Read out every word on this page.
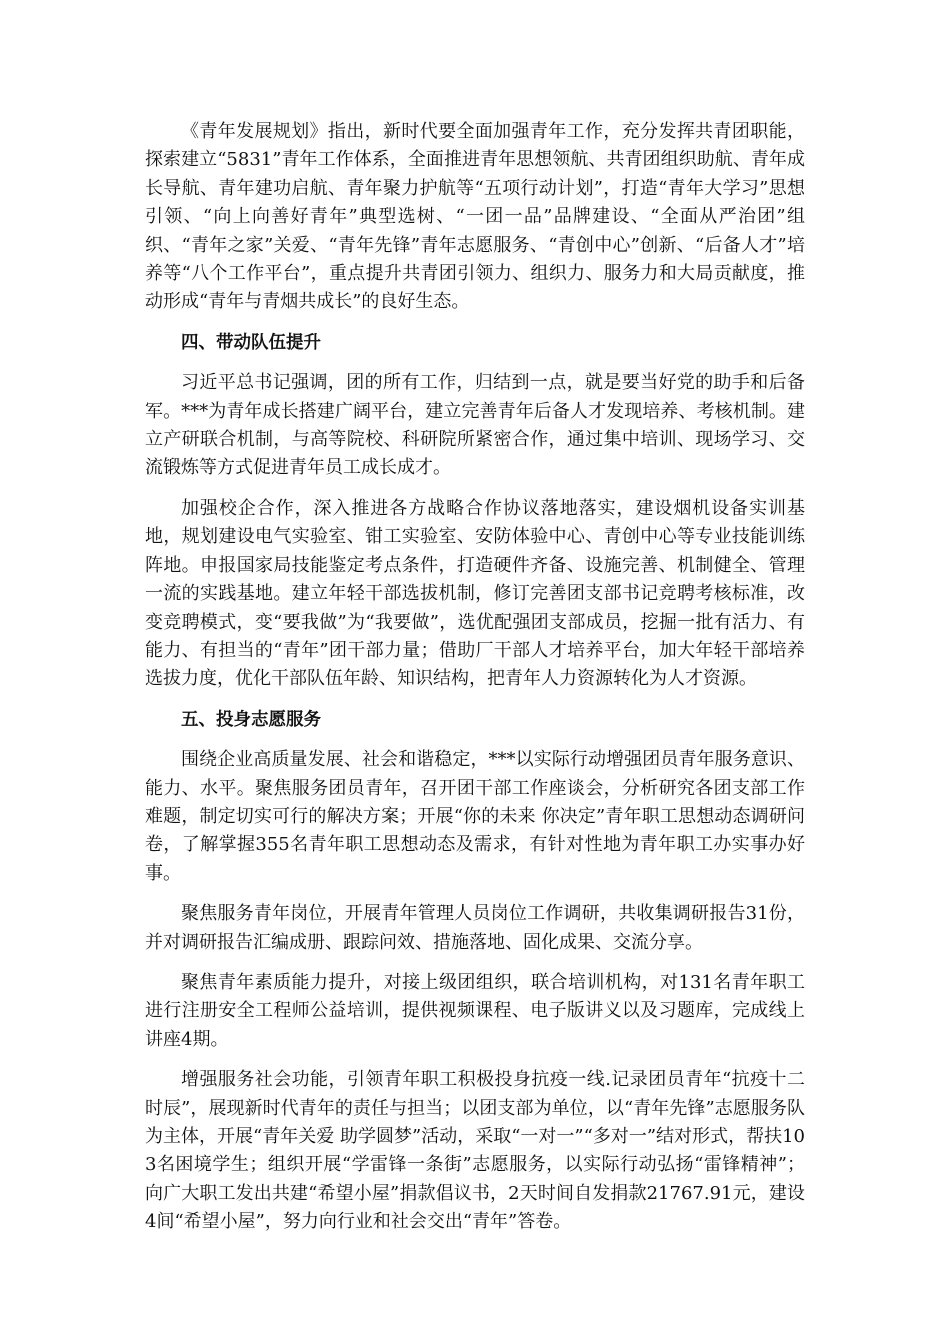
《青年发展规划》指出，新时代要全面加强青年工作，充分发挥共青团职能，探索建立“5831”青年工作体系，全面推进青年思想领航、共青团组织助航、青年成长导航、青年建功启航、青年聚力护航等“五项行动计划”，打造“青年大学习”思想引领、“向上向善好青年”典型选树、“一团一品”品牌建设、“全面从严治团”组织、“青年之家”关爱、“青年先锋”青年志愿服务、“青创中心”创新、“后备人才”培养等“八个工作平台”，重点提升共青团引领力、组织力、服务力和大局贡献度，推动形成“青年与青烟共成长”的良好生态。

四、带动队伍提升

习近平总书记强调，团的所有工作，归结到一点，就是要当好党的助手和后备军。***为青年成长搭建广阔平台，建立完善青年后备人才发现培养、考核机制。建立产研联合机制，与高等院校、科研院所紧密合作，通过集中培训、现场学习、交流锻炼等方式促进青年员工成长成才。

加强校企合作，深入推进各方战略合作协议落地落实，建设烟机设备实训基地，规划建设电气实验室、钳工实验室、安防体验中心、青创中心等专业技能训练阵地。申报国家局技能鉴定考点条件，打造硬件齐备、设施完善、机制健全、管理一流的实践基地。建立年轻干部选拔机制，修订完善团支部书记竞聘考核标准，改变竞聘模式，变“要我做”为“我要做”，选优配强团支部成员，挖掘一批有活力、有能力、有担当的“青年”团干部力量；借助厂干部人才培养平台，加大年轻干部培养选拔力度，优化干部队伍年龄、知识结构，把青年人力资源转化为人才资源。

五、投身志愿服务

围绕企业高质量发展、社会和谐稳定，***以实际行动增强团员青年服务意识、能力、水平。聚焦服务团员青年，召开团干部工作座谈会，分析研究各团支部工作难题，制定切实可行的解决方案；开展“你的未来 你决定”青年职工思想动态调研问卷，了解掌握355名青年职工思想动态及需求，有针对性地为青年职工办实事办好事。

聚焦服务青年岗位，开展青年管理人员岗位工作调研，共收集调研报告31份，并对调研报告汇编成册、跟踪问效、措施落地、固化成果、交流分享。

聚焦青年素质能力提升，对接上级团组织，联合培训机构，对131名青年职工进行注册安全工程师公益培训，提供视频课程、电子版讲义以及习题库，完成线上讲座4期。

增强服务社会功能，引领青年职工积极投身抗疫一线.记录团员青年“抗疫十二时辰”，展现新时代青年的责任与担当；以团支部为单位，以“青年先锋”志愿服务队为主体，开展“青年关爱 助学圆梦”活动，采取“一对一”“多对一”结对形式，帮扶103名困境学生；组织开展“学雷锋一条街”志愿服务，以实际行动弘扬“雷锋精神”；向广大职工发出共建“希望小屋”捐款倡议书，2天时间自发捐款21767.91元，建设4间“希望小屋”，努力向行业和社会交出“青年”答卷。
